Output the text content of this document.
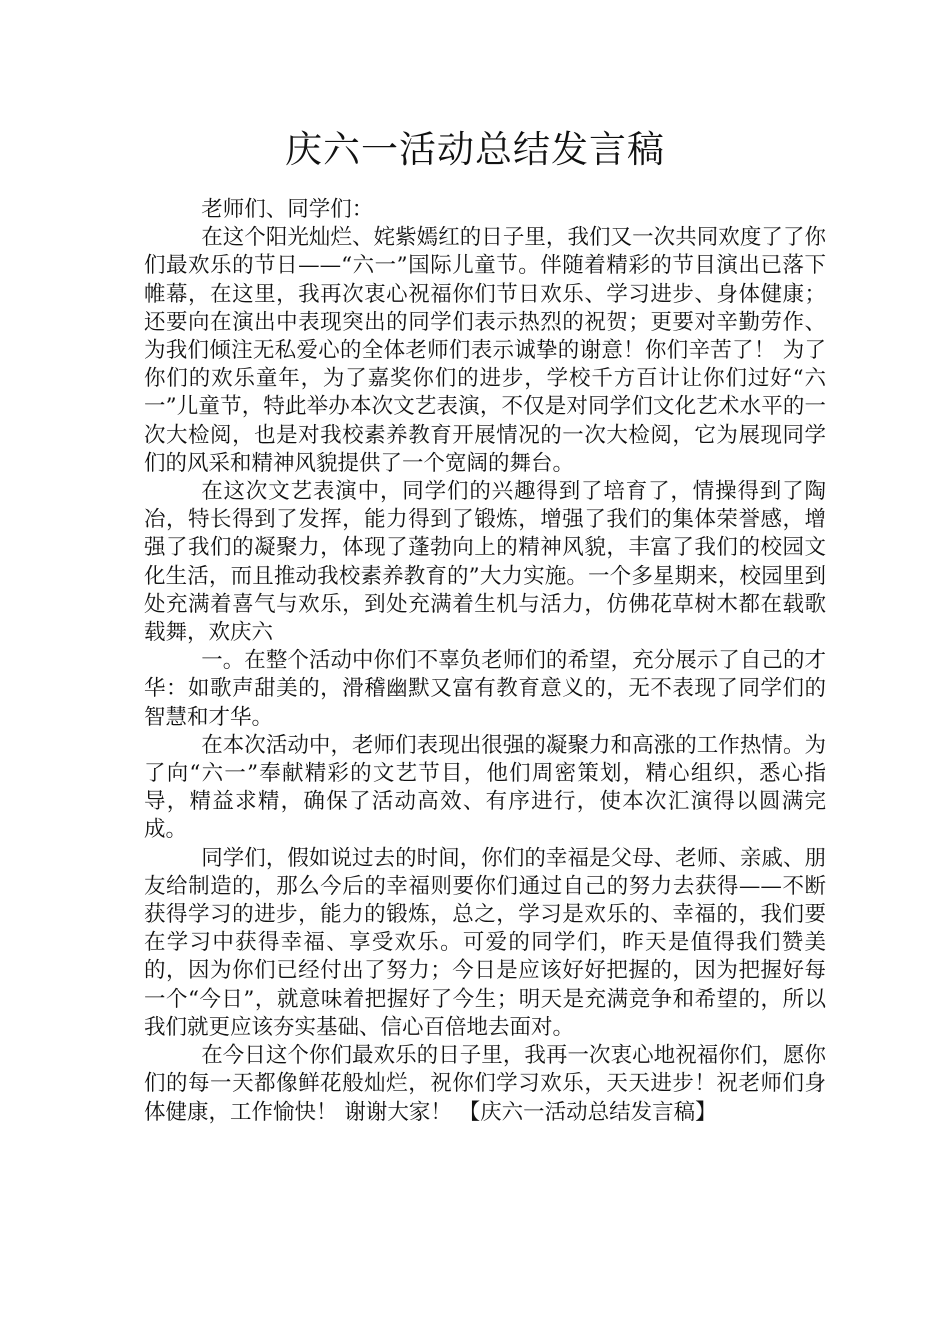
庆六一活动总结发言稿

老师们、同学们：

在这个阳光灿烂、姹紫嫣红的日子里，我们又一次共同欢度了了你们最欢乐的节日——“六一”国际儿童节。伴随着精彩的节目演出已落下帷幕，在这里，我再次衷心祝福你们节日欢乐、学习进步、身体健康；还要向在演出中表现突出的同学们表示热烈的祝贺；更要对辛勤劳作、为我们倾注无私爱心的全体老师们表示诚挚的谢意！你们辛苦了！ 为了你们的欢乐童年，为了嘉奖你们的进步，学校千方百计让你们过好“六一”儿童节，特此举办本次文艺表演，不仅是对同学们文化艺术水平的一次大检阅，也是对我校素养教育开展情况的一次大检阅，它为展现同学们的风采和精神风貌提供了一个宽阔的舞台。

在这次文艺表演中，同学们的兴趣得到了培育了，情操得到了陶冶，特长得到了发挥，能力得到了锻炼，增强了我们的集体荣誉感，增强了我们的凝聚力，体现了蓬勃向上的精神风貌，丰富了我们的校园文化生活，而且推动我校素养教育的”大力实施。一个多星期来，校园里到处充满着喜气与欢乐，到处充满着生机与活力，仿佛花草树木都在载歌载舞，欢庆六

一。在整个活动中你们不辜负老师们的希望，充分展示了自己的才华：如歌声甜美的，滑稽幽默又富有教育意义的，无不表现了同学们的智慧和才华。

在本次活动中，老师们表现出很强的凝聚力和高涨的工作热情。为了向“六一”奉献精彩的文艺节目，他们周密策划，精心组织，悉心指导，精益求精，确保了活动高效、有序进行，使本次汇演得以圆满完成。

同学们，假如说过去的时间，你们的幸福是父母、老师、亲戚、朋友给制造的，那么今后的幸福则要你们通过自己的努力去获得——不断获得学习的进步，能力的锻炼，总之，学习是欢乐的、幸福的，我们要在学习中获得幸福、享受欢乐。可爱的同学们，昨天是值得我们赞美的，因为你们已经付出了努力；今日是应该好好把握的，因为把握好每一个“今日”，就意味着把握好了今生；明天是充满竞争和希望的，所以我们就更应该夯实基础、信心百倍地去面对。

在今日这个你们最欢乐的日子里，我再一次衷心地祝福你们，愿你们的每一天都像鲜花般灿烂，祝你们学习欢乐，天天进步！祝老师们身体健康，工作愉快！ 谢谢大家！ 【庆六一活动总结发言稿】
